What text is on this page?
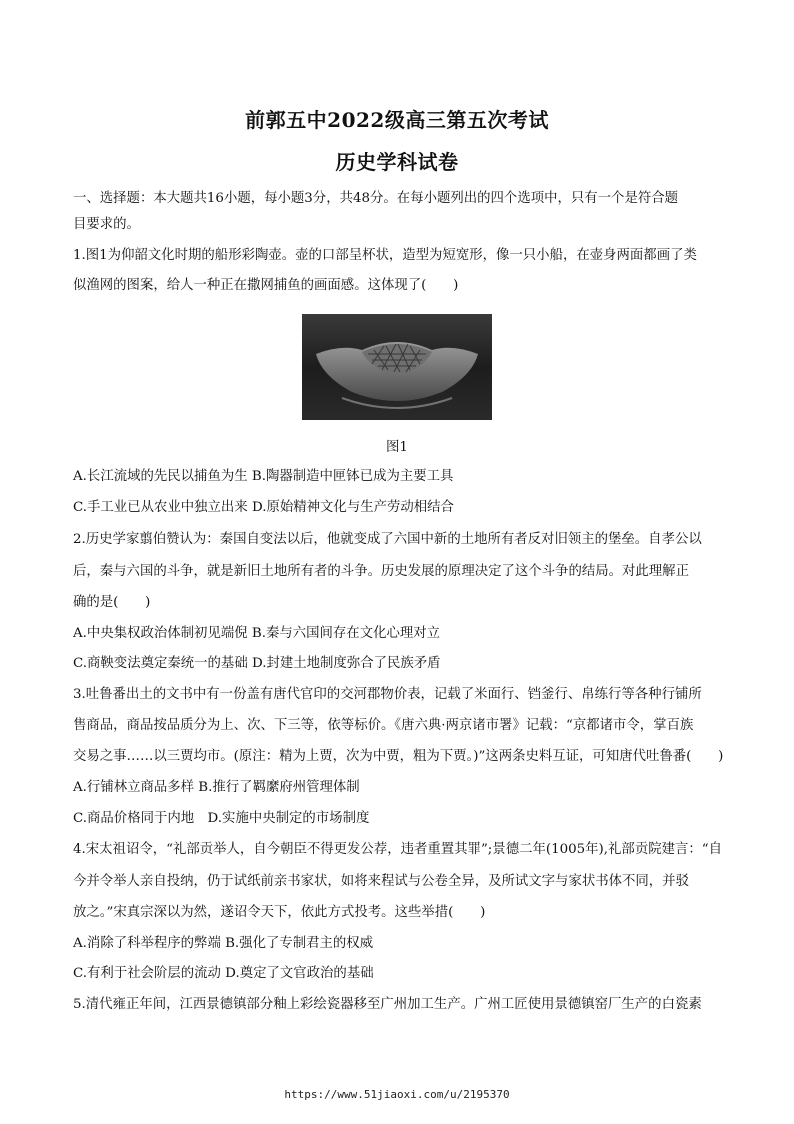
前郭五中2022级高三第五次考试
历史学科试卷
一、选择题：本大题共16小题，每小题3分，共48分。在每小题列出的四个选项中，只有一个是符合题
目要求的。
1.图1为仰韶文化时期的船形彩陶壶。壶的口部呈杯状，造型为短宽形，像一只小船，在壶身两面都画了类
似渔网的图案，给人一种正在撒网捕鱼的画面感。这体现了(　　)
图1
A.长江流域的先民以捕鱼为生 B.陶器制造中匣钵已成为主要工具
C.手工业已从农业中独立出来 D.原始精神文化与生产劳动相结合
2.历史学家翦伯赞认为：秦国自变法以后，他就变成了六国中新的土地所有者反对旧领主的堡垒。自孝公以
后，秦与六国的斗争，就是新旧土地所有者的斗争。历史发展的原理决定了这个斗争的结局。对此理解正
确的是(　　)
A.中央集权政治体制初见端倪 B.秦与六国间存在文化心理对立
C.商鞅变法奠定秦统一的基础 D.封建土地制度弥合了民族矛盾
3.吐鲁番出土的文书中有一份盖有唐代官印的交河郡物价表，记载了米面行、铛釜行、帛练行等各种行铺所
售商品，商品按品质分为上、次、下三等，依等标价。《唐六典·两京诸市署》记载：“京都诸市令，掌百族
交易之事……以三贾均市。(原注：精为上贾，次为中贾，粗为下贾。)”这两条史料互证，可知唐代吐鲁番(　　)
A.行铺林立商品多样 B.推行了羁縻府州管理体制
C.商品价格同于内地　D.实施中央制定的市场制度
4.宋太祖诏令，“礼部贡举人，自今朝臣不得更发公荐，违者重置其罪”;景德二年(1005年),礼部贡院建言：“自
今并令举人亲自投纳，仍于试纸前亲书家状，如将来程试与公卷全异，及所试文字与家状书体不同，并驳
放之。”宋真宗深以为然，遂诏令天下，依此方式投考。这些举措(　　)
A.消除了科举程序的弊端 B.强化了专制君主的权威
C.有利于社会阶层的流动 D.奠定了文官政治的基础
5.清代雍正年间，江西景德镇部分釉上彩绘瓷器移至广州加工生产。广州工匠使用景德镇窑厂生产的白瓷素
https://www.51jiaoxi.com/u/2195370
